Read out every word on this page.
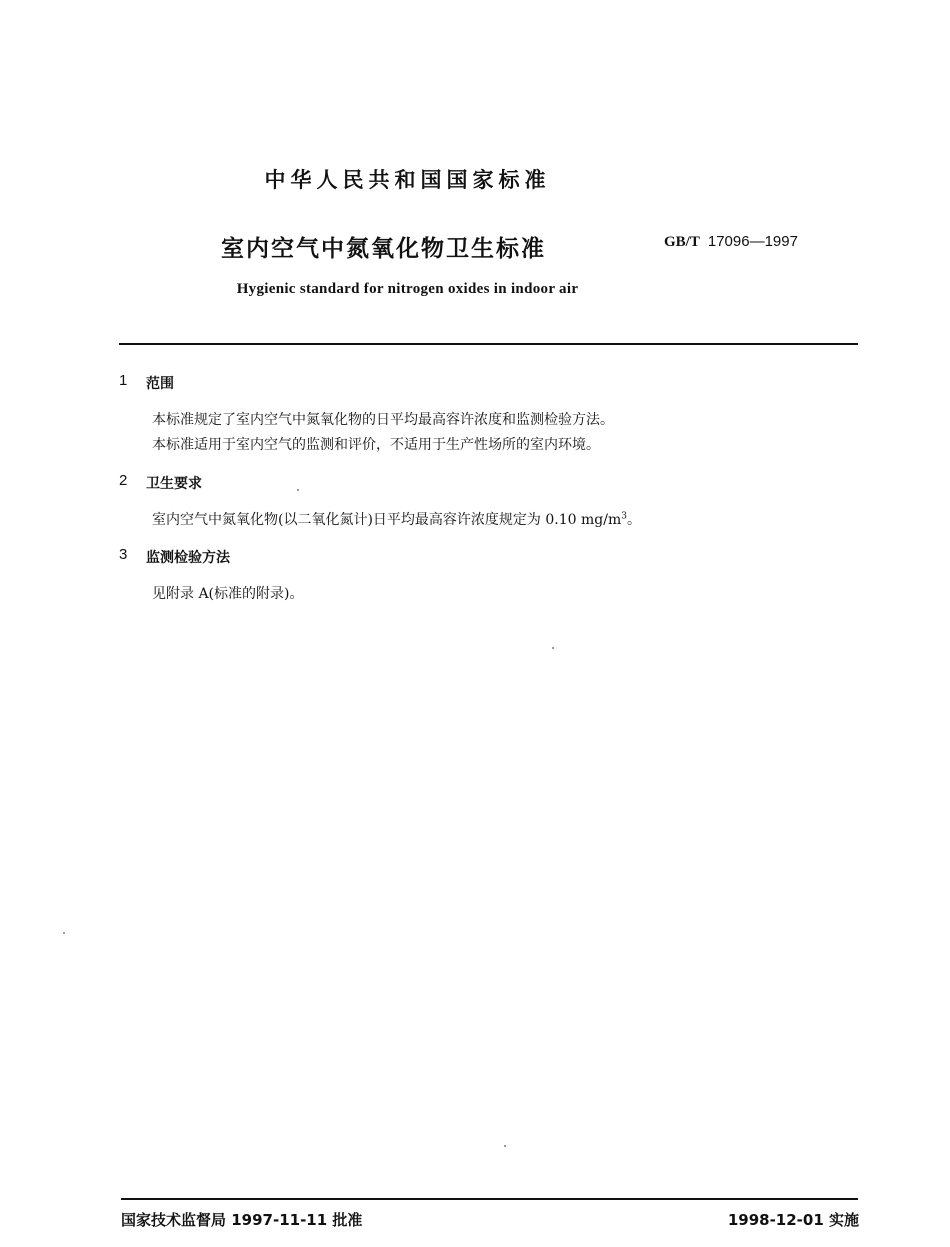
中华人民共和国国家标准
室内空气中氮氧化物卫生标准	GB/T 17096—1997
Hygienic standard for nitrogen oxides in indoor air
1 范围
本标准规定了室内空气中氮氧化物的日平均最高容许浓度和监测检验方法。
本标准适用于室内空气的监测和评价，不适用于生产性场所的室内环境。
2 卫生要求
室内空气中氮氧化物(以二氧化氮计)日平均最高容许浓度规定为 0.10 $mg/m^3$。
3 监测检验方法
见附录 A(标准的附录)。
国家技术监督局 1997-11-11 批准	1998-12-01 实施
